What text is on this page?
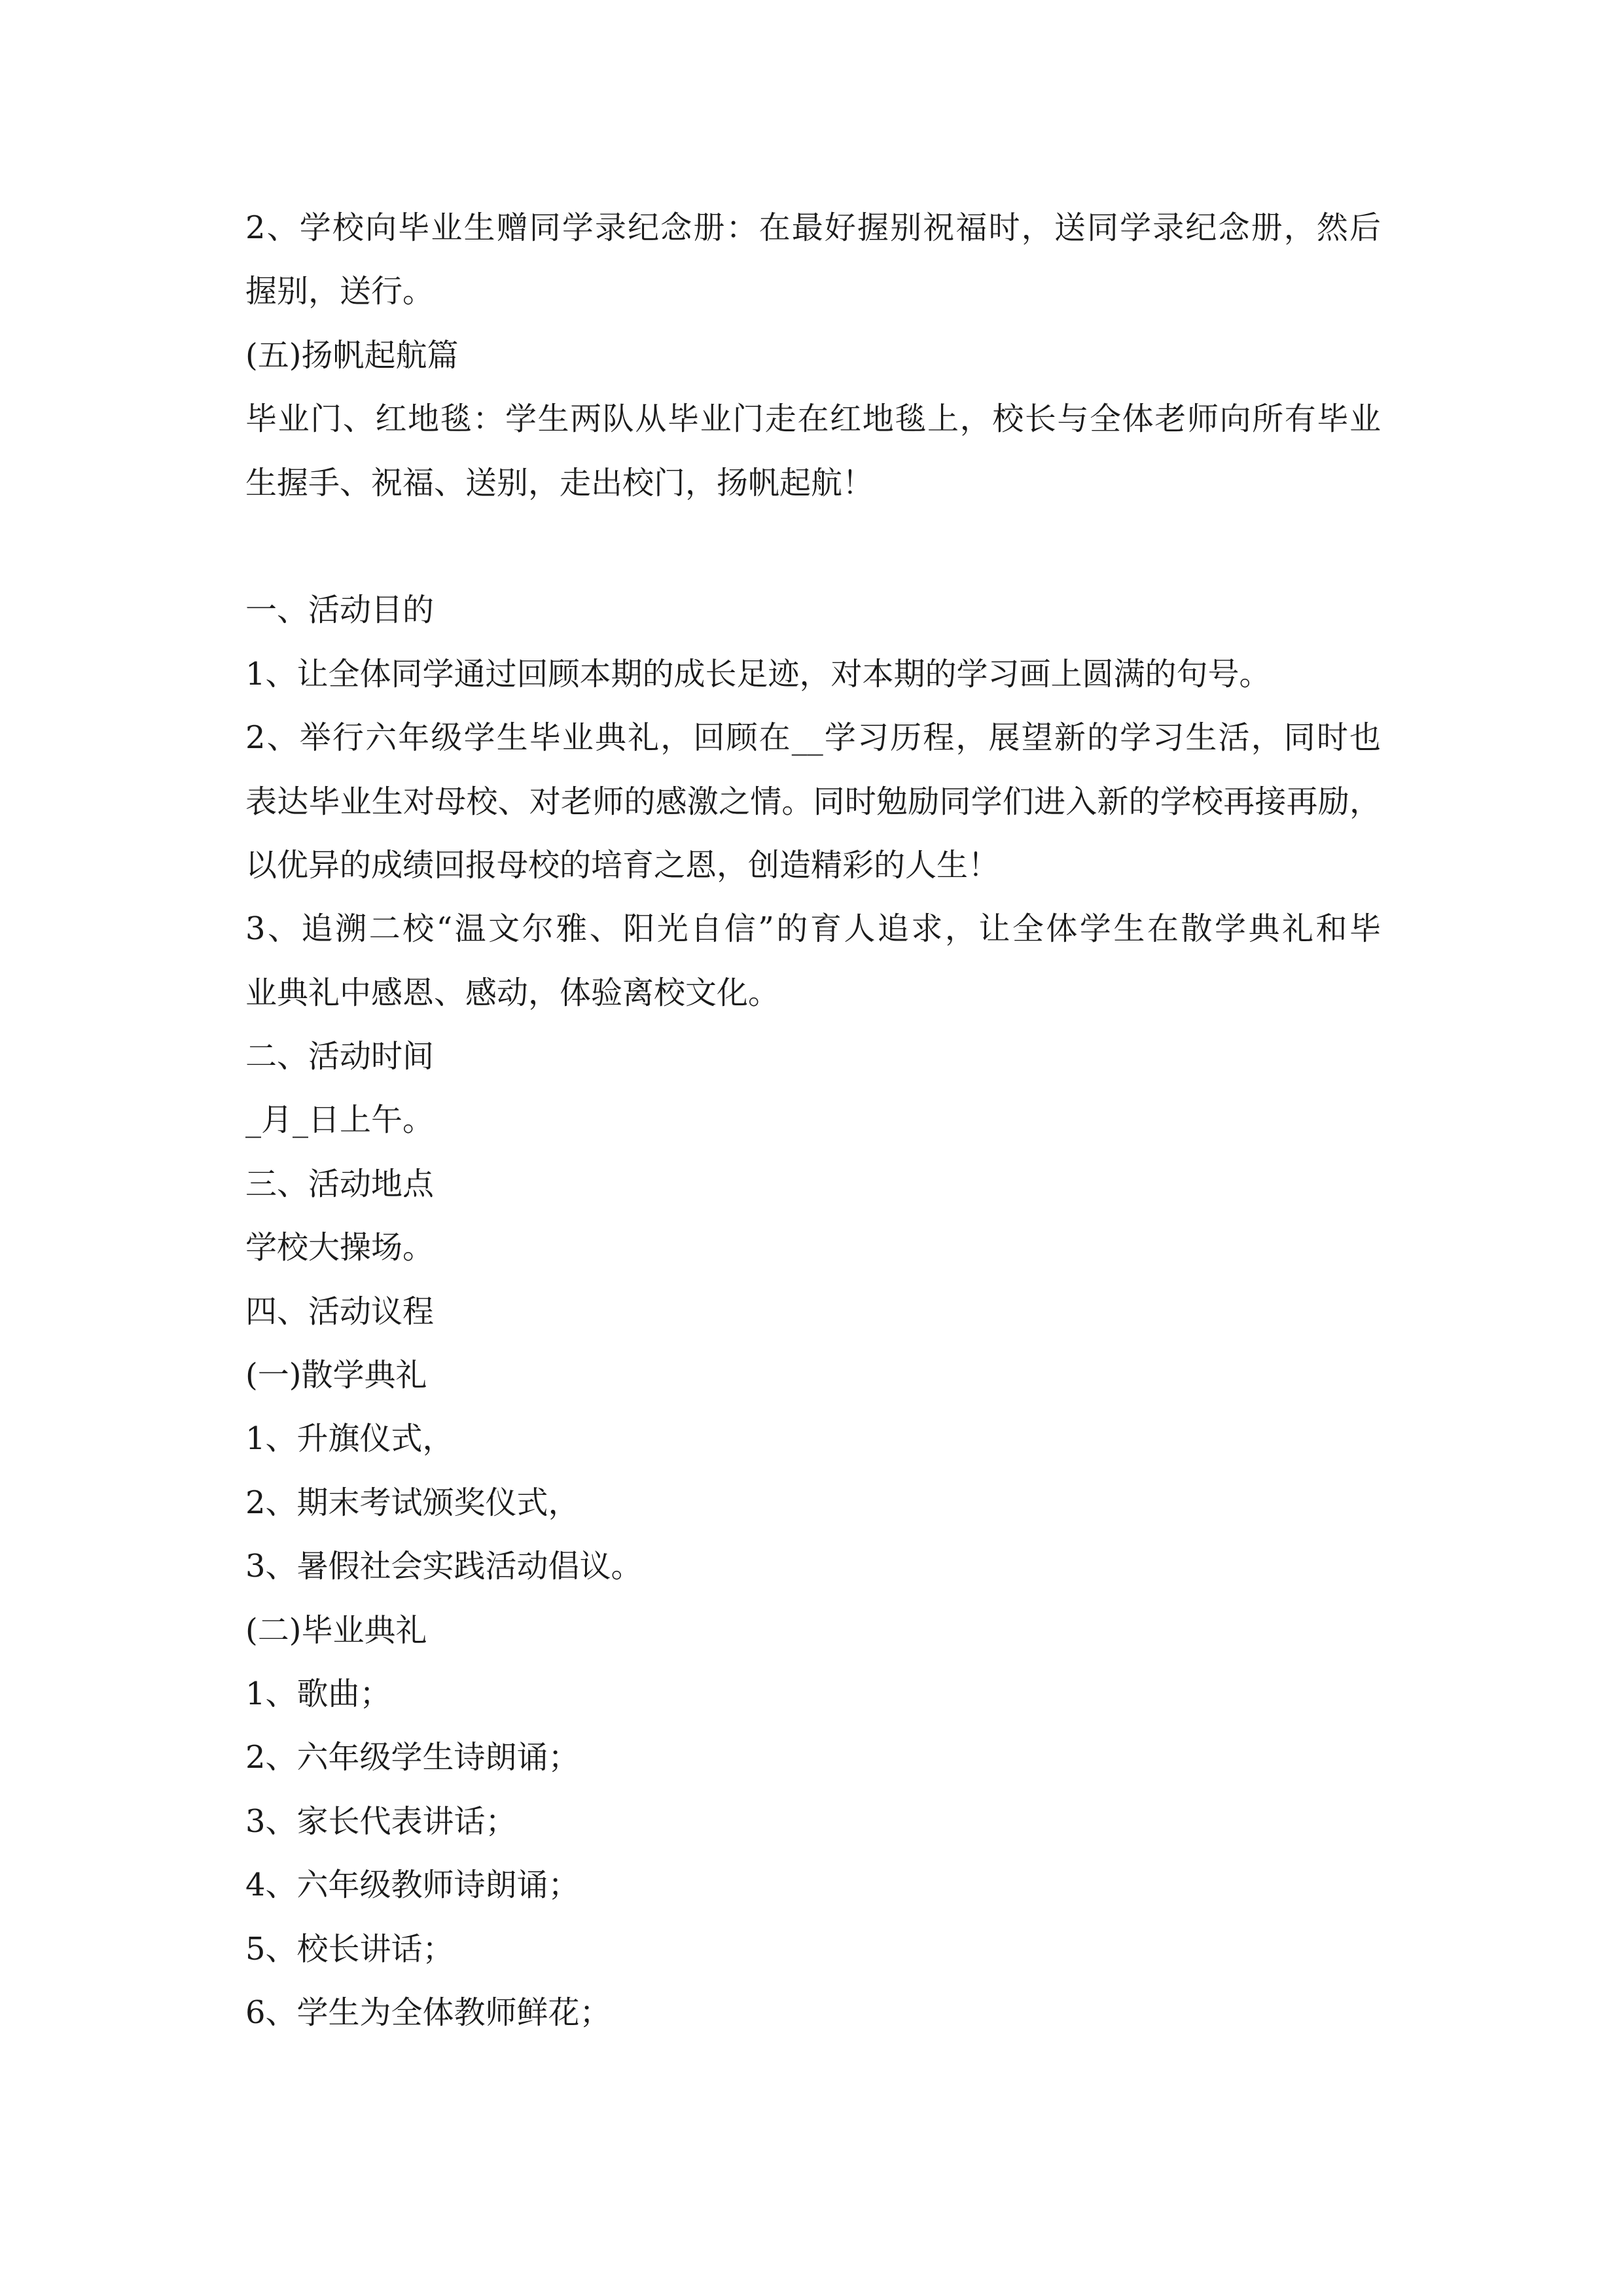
2、学校向毕业生赠同学录纪念册：在最好握别祝福时，送同学录纪念册，然后

握别，送行。

(五)扬帆起航篇

毕业门、红地毯：学生两队从毕业门走在红地毯上，校长与全体老师向所有毕业

生握手、祝福、送别，走出校门，扬帆起航！

一、活动目的

1、让全体同学通过回顾本期的成长足迹，对本期的学习画上圆满的句号。

2、举行六年级学生毕业典礼，回顾在__学习历程，展望新的学习生活，同时也

表达毕业生对母校、对老师的感激之情。同时勉励同学们进入新的学校再接再励，

以优异的成绩回报母校的培育之恩，创造精彩的人生！

3、追溯二校“温文尔雅、阳光自信”的育人追求，让全体学生在散学典礼和毕

业典礼中感恩、感动，体验离校文化。

二、活动时间

_月_日上午。

三、活动地点

学校大操场。

四、活动议程

(一)散学典礼

1、升旗仪式，

2、期末考试颁奖仪式，

3、暑假社会实践活动倡议。

(二)毕业典礼

1、歌曲；

2、六年级学生诗朗诵；

3、家长代表讲话；

4、六年级教师诗朗诵；

5、校长讲话；

6、学生为全体教师鲜花；
